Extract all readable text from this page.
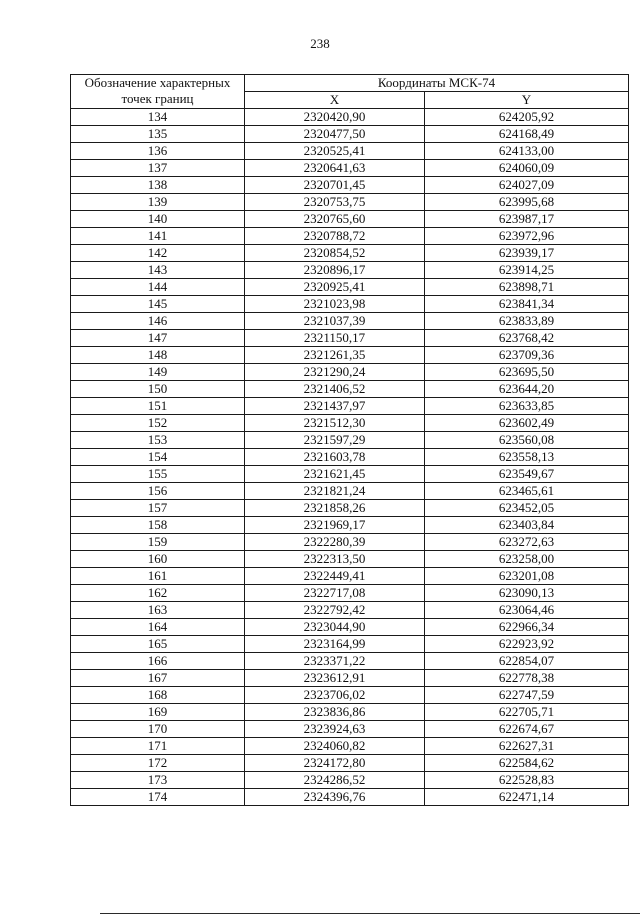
238
Обозначение характерных точек границ	Координаты МСК-74	
	X	Y
134	2320420,90	624205,92
135	2320477,50	624168,49
136	2320525,41	624133,00
137	2320641,63	624060,09
138	2320701,45	624027,09
139	2320753,75	623995,68
140	2320765,60	623987,17
141	2320788,72	623972,96
142	2320854,52	623939,17
143	2320896,17	623914,25
144	2320925,41	623898,71
145	2321023,98	623841,34
146	2321037,39	623833,89
147	2321150,17	623768,42
148	2321261,35	623709,36
149	2321290,24	623695,50
150	2321406,52	623644,20
151	2321437,97	623633,85
152	2321512,30	623602,49
153	2321597,29	623560,08
154	2321603,78	623558,13
155	2321621,45	623549,67
156	2321821,24	623465,61
157	2321858,26	623452,05
158	2321969,17	623403,84
159	2322280,39	623272,63
160	2322313,50	623258,00
161	2322449,41	623201,08
162	2322717,08	623090,13
163	2322792,42	623064,46
164	2323044,90	622966,34
165	2323164,99	622923,92
166	2323371,22	622854,07
167	2323612,91	622778,38
168	2323706,02	622747,59
169	2323836,86	622705,71
170	2323924,63	622674,67
171	2324060,82	622627,31
172	2324172,80	622584,62
173	2324286,52	622528,83
174	2324396,76	622471,14
